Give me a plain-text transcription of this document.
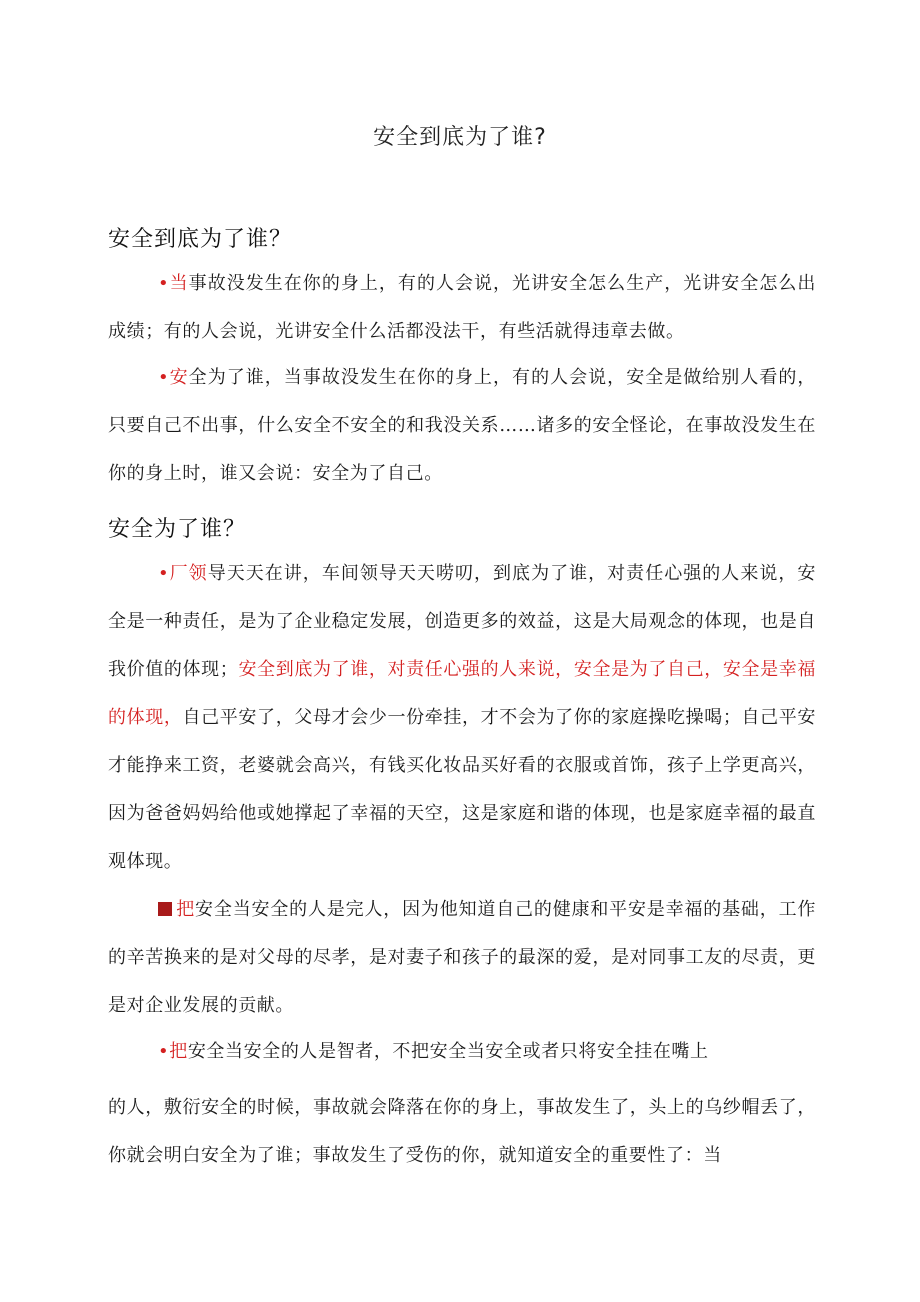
安全到底为了谁?
安全到底为了谁？

•当事故没发生在你的身上，有的人会说，光讲安全怎么生产，光讲安全怎么出成绩；有的人会说，光讲安全什么活都没法干，有些活就得违章去做。

•安全为了谁，当事故没发生在你的身上，有的人会说，安全是做给别人看的，只要自己不出事，什么安全不安全的和我没关系……诸多的安全怪论，在事故没发生在你的身上时，谁又会说：安全为了自己。

安全为了谁？

•厂领导天天在讲，车间领导天天唠叨，到底为了谁，对责任心强的人来说，安全是一种责任，是为了企业稳定发展，创造更多的效益，这是大局观念的体现，也是自我价值的体现；安全到底为了谁，对责任心强的人来说，安全是为了自己，安全是幸福的体现，自己平安了，父母才会少一份牵挂，才不会为了你的家庭操吃操喝；自己平安才能挣来工资，老婆就会高兴，有钱买化妆品买好看的衣服或首饰，孩子上学更高兴，因为爸爸妈妈给他或她撑起了幸福的天空，这是家庭和谐的体现，也是家庭幸福的最直观体现。

把安全当安全的人是完人，因为他知道自己的健康和平安是幸福的基础，工作的辛苦换来的是对父母的尽孝，是对妻子和孩子的最深的爱，是对同事工友的尽责，更是对企业发展的贡献。

•把安全当安全的人是智者，不把安全当安全或者只将安全挂在嘴上

的人，敷衍安全的时候，事故就会降落在你的身上，事故发生了，头上的乌纱帽丢了，你就会明白安全为了谁；事故发生了受伤的你，就知道安全的重要性了：当
